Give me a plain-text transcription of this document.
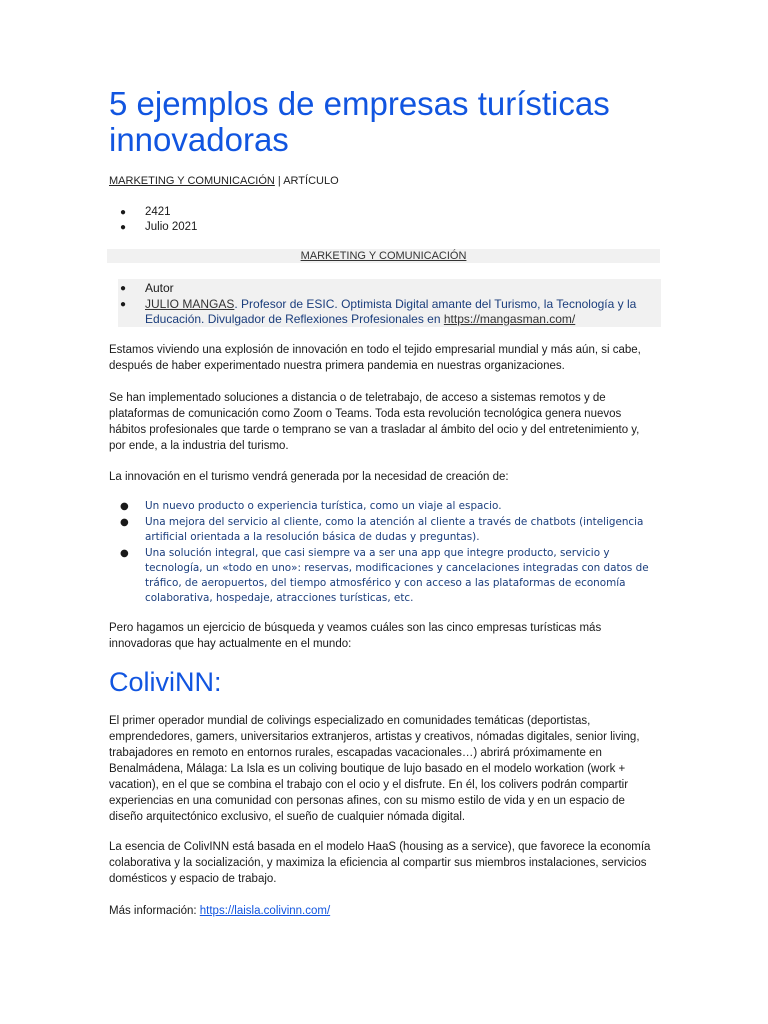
5 ejemplos de empresas turísticas innovadoras
MARKETING Y COMUNICACIÓN | ARTÍCULO
● 2421
● Julio 2021
MARKETING Y COMUNICACIÓN
● Autor
● JULIO MANGAS. Profesor de ESIC. Optimista Digital amante del Turismo, la Tecnología y la Educación. Divulgador de Reflexiones Profesionales en https://mangasman.com/

Estamos viviendo una explosión de innovación en todo el tejido empresarial mundial y más aún, si cabe, después de haber experimentado nuestra primera pandemia en nuestras organizaciones.

Se han implementado soluciones a distancia o de teletrabajo, de acceso a sistemas remotos y de plataformas de comunicación como Zoom o Teams. Toda esta revolución tecnológica genera nuevos hábitos profesionales que tarde o temprano se van a trasladar al ámbito del ocio y del entretenimiento y, por ende, a la industria del turismo.

La innovación en el turismo vendrá generada por la necesidad de creación de:

● Un nuevo producto o experiencia turística, como un viaje al espacio.
● Una mejora del servicio al cliente, como la atención al cliente a través de chatbots (inteligencia artificial orientada a la resolución básica de dudas y preguntas).
● Una solución integral, que casi siempre va a ser una app que integre producto, servicio y tecnología, un «todo en uno»: reservas, modificaciones y cancelaciones integradas con datos de tráfico, de aeropuertos, del tiempo atmosférico y con acceso a las plataformas de economía colaborativa, hospedaje, atracciones turísticas, etc.

Pero hagamos un ejercicio de búsqueda y veamos cuáles son las cinco empresas turísticas más innovadoras que hay actualmente en el mundo:

ColiviNN:

El primer operador mundial de colivings especializado en comunidades temáticas (deportistas, emprendedores, gamers, universitarios extranjeros, artistas y creativos, nómadas digitales, senior living, trabajadores en remoto en entornos rurales, escapadas vacacionales…) abrirá próximamente en Benalmádena, Málaga: La Isla es un coliving boutique de lujo basado en el modelo workation (work + vacation), en el que se combina el trabajo con el ocio y el disfrute. En él, los colivers podrán compartir experiencias en una comunidad con personas afines, con su mismo estilo de vida y en un espacio de diseño arquitectónico exclusivo, el sueño de cualquier nómada digital.

La esencia de ColivINN está basada en el modelo HaaS (housing as a service), que favorece la economía colaborativa y la socialización, y maximiza la eficiencia al compartir sus miembros instalaciones, servicios domésticos y espacio de trabajo.

Más información: https://laisla.colivinn.com/
